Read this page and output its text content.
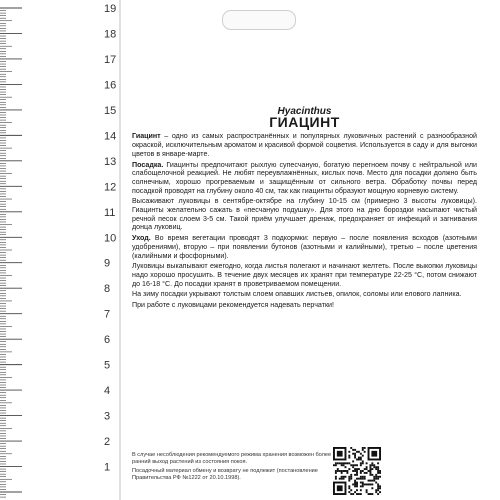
19
18
17
16
15
14
13
12
11
10
9
8
7
6
5
4
3
2
1
Hyacinthus
ГИАЦИНТ

Гиацинт – одно из самых распространённых и популярных луковичных растений с разнообразной окраской, исключительным ароматом и красивой формой соцветия. Используется в саду и для выгонки цветов в январе-марте.

Посадка. Гиацинты предпочитают рыхлую супесчаную, богатую перегноем почву с нейтральной или слабощелочной реакцией. Не любят переувлажнённых, кислых почв. Место для посадки должно быть солнечным, хорошо прогреваемым и защищённым от сильного ветра. Обработку почвы перед посадкой проводят на глубину около 40 см, так как гиацинты образуют мощную корневую систему.

Высаживают луковицы в сентябре-октябре на глубину 10-15 см (примерно 3 высоты луковицы). Гиацинты желательно сажать в «песчаную подушку». Для этого на дно бороздки насыпают чистый речной песок слоем 3-5 см. Такой приём улучшает дренаж, предохраняет от инфекций и загнивания донца луковиц.

Уход. Во время вегетации проводят 3 подкормки: первую – после появления всходов (азотными удобрениями), вторую – при появлении бутонов (азотными и калийными), третью – после цветения (калийными и фосфорными).

Луковицы выкапывают ежегодно, когда листья полегают и начинают желтеть. После выкопки луковицы надо хорошо просушить. В течение двух месяцев их хранят при температуре 22-25 °С, потом снижают до 16-18 °С. До посадки хранят в проветриваемом помещении.

На зиму посадки укрывают толстым слоем опавших листьев, опилок, соломы или елового лапника.

При работе с луковицами рекомендуется надевать перчатки!

В случае несоблюдения рекомендуемого режима хранения возможен более ранний выход растений из состояния покоя.

Посадочный материал обмену и возврату не подлежит (постановление Правительства РФ №1222 от 20.10.1998).
